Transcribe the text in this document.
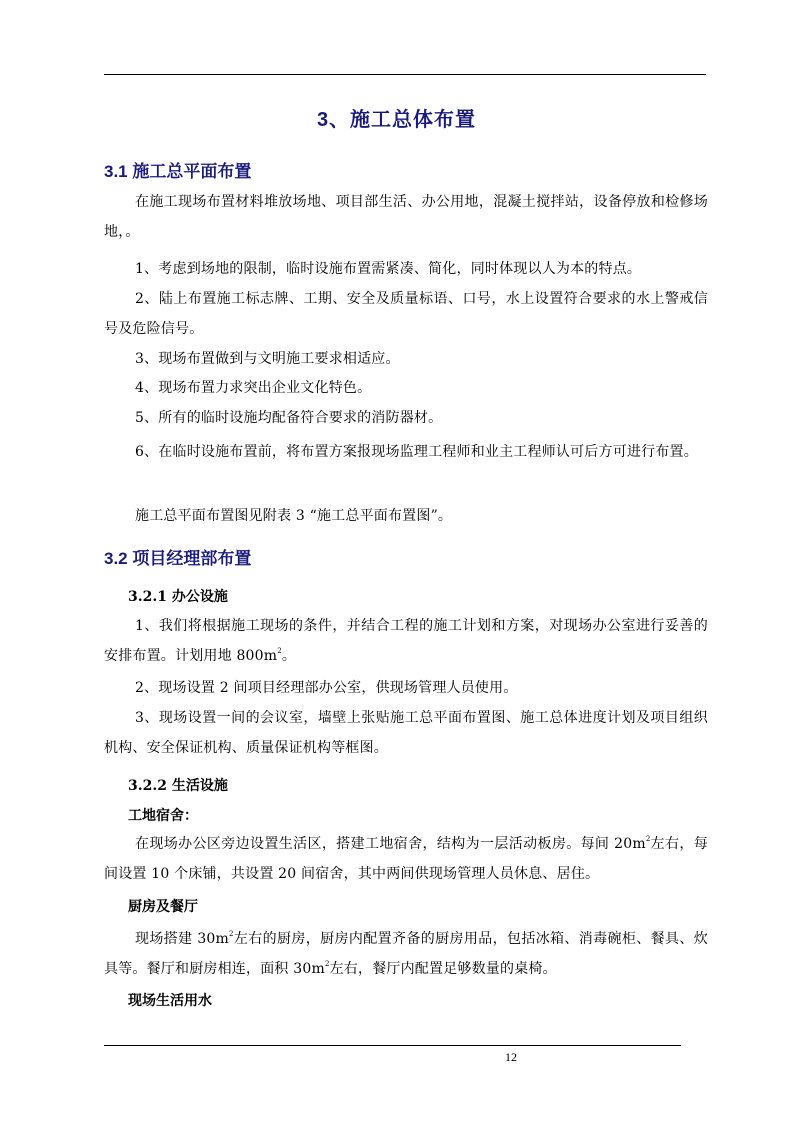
3、施工总体布置
3.1 施工总平面布置
在施工现场布置材料堆放场地、项目部生活、办公用地，混凝土搅拌站，设备停放和检修场地，。
1、考虑到场地的限制，临时设施布置需紧凑、简化，同时体现以人为本的特点。
2、陆上布置施工标志牌、工期、安全及质量标语、口号，水上设置符合要求的水上警戒信号及危险信号。
3、现场布置做到与文明施工要求相适应。
4、现场布置力求突出企业文化特色。
5、所有的临时设施均配备符合要求的消防器材。
6、在临时设施布置前，将布置方案报现场监理工程师和业主工程师认可后方可进行布置。
施工总平面布置图见附表 3 “施工总平面布置图”。
3.2 项目经理部布置
3.2.1 办公设施
1、我们将根据施工现场的条件，并结合工程的施工计划和方案，对现场办公室进行妥善的安排布置。计划用地 $800m^2$。
2、现场设置 2 间项目经理部办公室，供现场管理人员使用。
3、现场设置一间的会议室，墙壁上张贴施工总平面布置图、施工总体进度计划及项目组织机构、安全保证机构、质量保证机构等框图。
3.2.2 生活设施
工地宿舍：
在现场办公区旁边设置生活区，搭建工地宿舍，结构为一层活动板房。每间 $20m^2$左右，每间设置 10 个床铺，共设置 20 间宿舍，其中两间供现场管理人员休息、居住。
厨房及餐厅
现场搭建 $30m^2$左右的厨房，厨房内配置齐备的厨房用品，包括冰箱、消毒碗柜、餐具、炊具等。餐厅和厨房相连，面积 $30m^2$左右，餐厅内配置足够数量的桌椅。
现场生活用水
12
